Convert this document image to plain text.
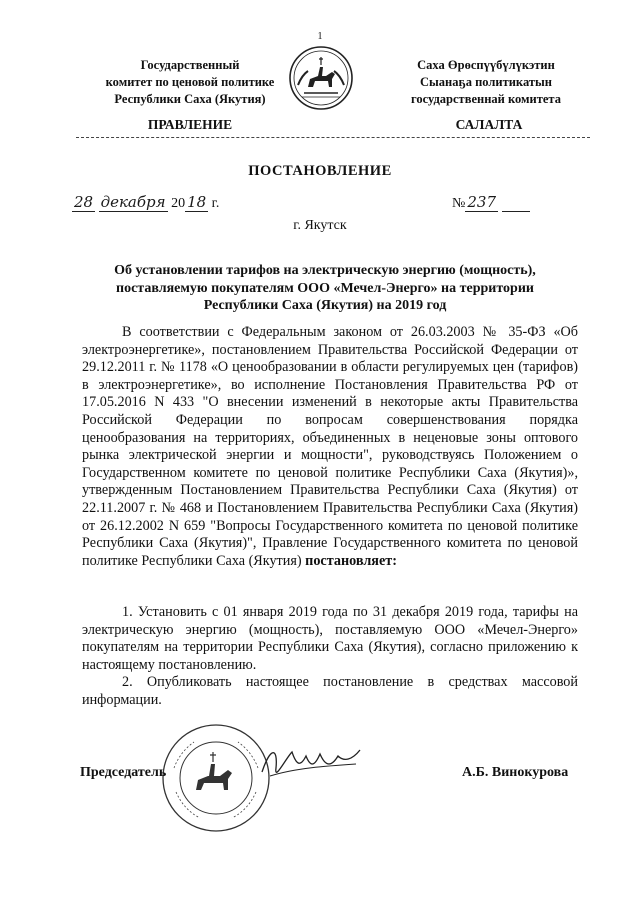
1
Государственный
комитет по ценовой политике
Республики Саха (Якутия)
Саха Өрөспүүбүлүкэтин
Сыанаҕа политикатын
государственнай комитета
ПРАВЛЕНИЕ	САЛАЛТА
ПОСТАНОВЛЕНИЕ
28 декабря 20 18 г.	№ 237
г. Якутск
Об установлении тарифов на электрическую энергию (мощность), поставляемую покупателям ООО «Мечел-Энерго» на территории Республики Саха (Якутия) на 2019 год

В соответствии с Федеральным законом от 26.03.2003 № 35-ФЗ «Об электроэнергетике», постановлением Правительства Российской Федерации от 29.12.2011 г. № 1178 «О ценообразовании в области регулируемых цен (тарифов) в электроэнергетике», во исполнение Постановления Правительства РФ от 17.05.2016 N 433 "О внесении изменений в некоторые акты Правительства Российской Федерации по вопросам совершенствования порядка ценообразования на территориях, объединенных в неценовые зоны оптового рынка электрической энергии и мощности", руководствуясь Положением о Государственном комитете по ценовой политике Республики Саха (Якутия)», утвержденным Постановлением Правительства Республики Саха (Якутия) от 22.11.2007 г. № 468 и Постановлением Правительства Республики Саха (Якутия) от 26.12.2002 N 659 "Вопросы Государственного комитета по ценовой политике Республики Саха (Якутия)", Правление Государственного комитета по ценовой политике Республики Саха (Якутия) постановляет:

1. Установить с 01 января 2019 года по 31 декабря 2019 года, тарифы на электрическую энергию (мощность), поставляемую ООО «Мечел-Энерго» покупателям на территории Республики Саха (Якутия), согласно приложению к настоящему постановлению.

2. Опубликовать настоящее постановление в средствах массовой информации.

Председатель	А.Б. Винокурова
